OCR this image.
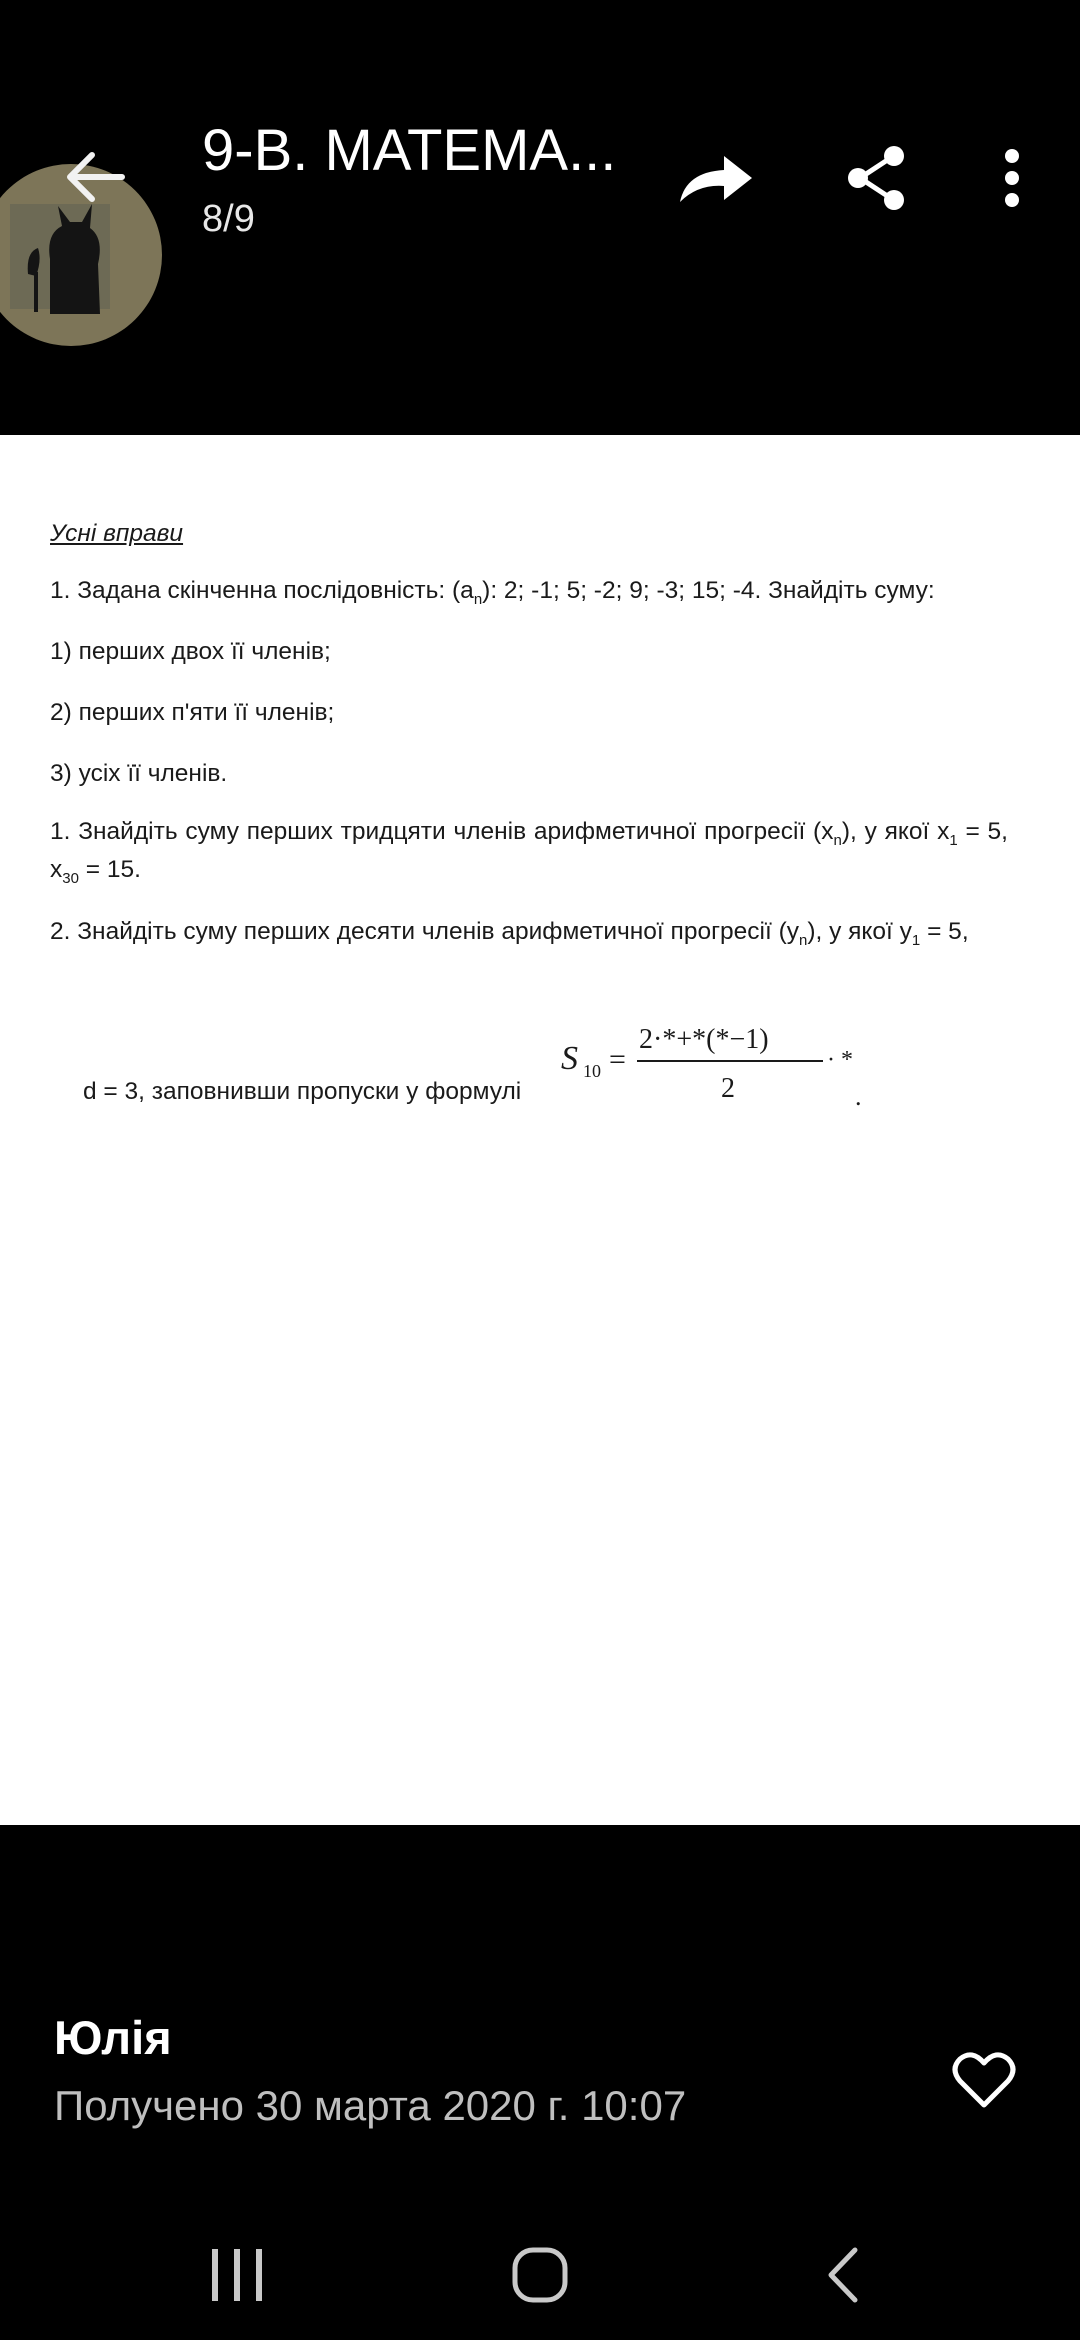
9-В. МАТЕМА...
8/9

Усні вправи

1. Задана скінченна послідовність: $(a_n)$: 2; -1; 5; -2; 9; -3; 15; -4. Знайдіть суму:

1) перших двох її членів;

2) перших п'яти її членів;

3) усіх її членів.

1. Знайдіть суму перших тридцяти членів арифметичної прогресії $(x_n)$, у якої $x_1 = 5$, $x_{30} = 15$.

2. Знайдіть суму перших десяти членів арифметичної прогресії $(y_n)$, у якої $y_1 = 5$,

d = 3, заповнивши пропуски у формулі

S 10 =
2·*+*(*−1)
2
· *
.
Юлія
Получено 30 марта 2020 г. 10:07
